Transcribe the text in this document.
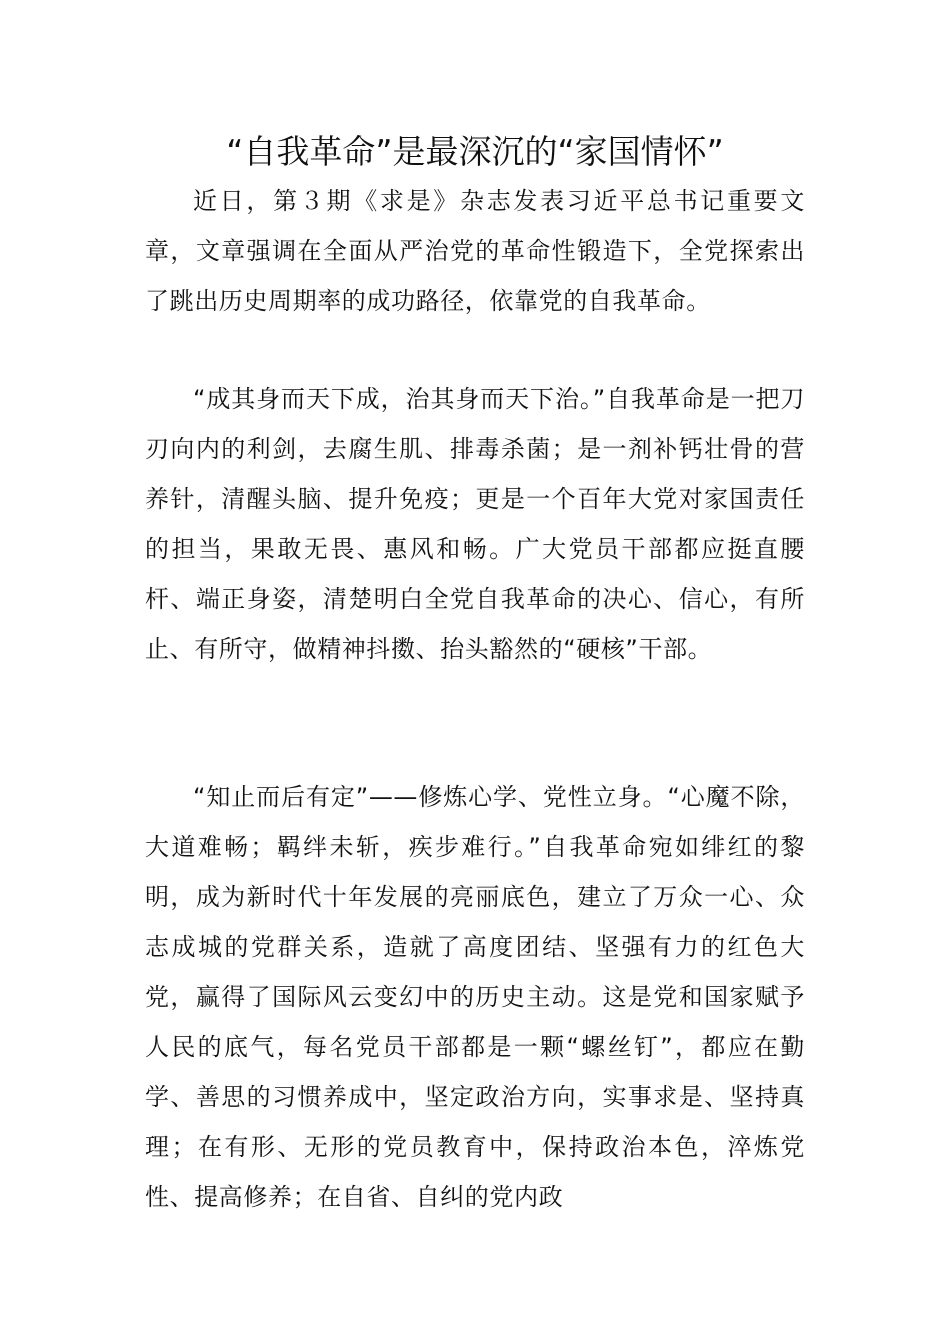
“自我革命”是最深沉的“家国情怀”

近日，第３期《求是》杂志发表习近平总书记重要文章，文章强调在全面从严治党的革命性锻造下，全党探索出了跳出历史周期率的成功路径，依靠党的自我革命。

“成其身而天下成，治其身而天下治。”自我革命是一把刀刃向内的利剑，去腐生肌、排毒杀菌；是一剂补钙壮骨的营养针，清醒头脑、提升免疫；更是一个百年大党对家国责任的担当，果敢无畏、惠风和畅。广大党员干部都应挺直腰杆、端正身姿，清楚明白全党自我革命的决心、信心，有所止、有所守，做精神抖擞、抬头豁然的“硬核”干部。

“知止而后有定”——修炼心学、党性立身。“心魔不除，大道难畅；羁绊未斩，疾步难行。”自我革命宛如绯红的黎明，成为新时代十年发展的亮丽底色，建立了万众一心、众志成城的党群关系，造就了高度团结、坚强有力的红色大党，赢得了国际风云变幻中的历史主动。这是党和国家赋予人民的底气，每名党员干部都是一颗“螺丝钉”，都应在勤学、善思的习惯养成中，坚定政治方向，实事求是、坚持真理；在有形、无形的党员教育中，保持政治本色，淬炼党性、提高修养；在自省、自纠的党内政
